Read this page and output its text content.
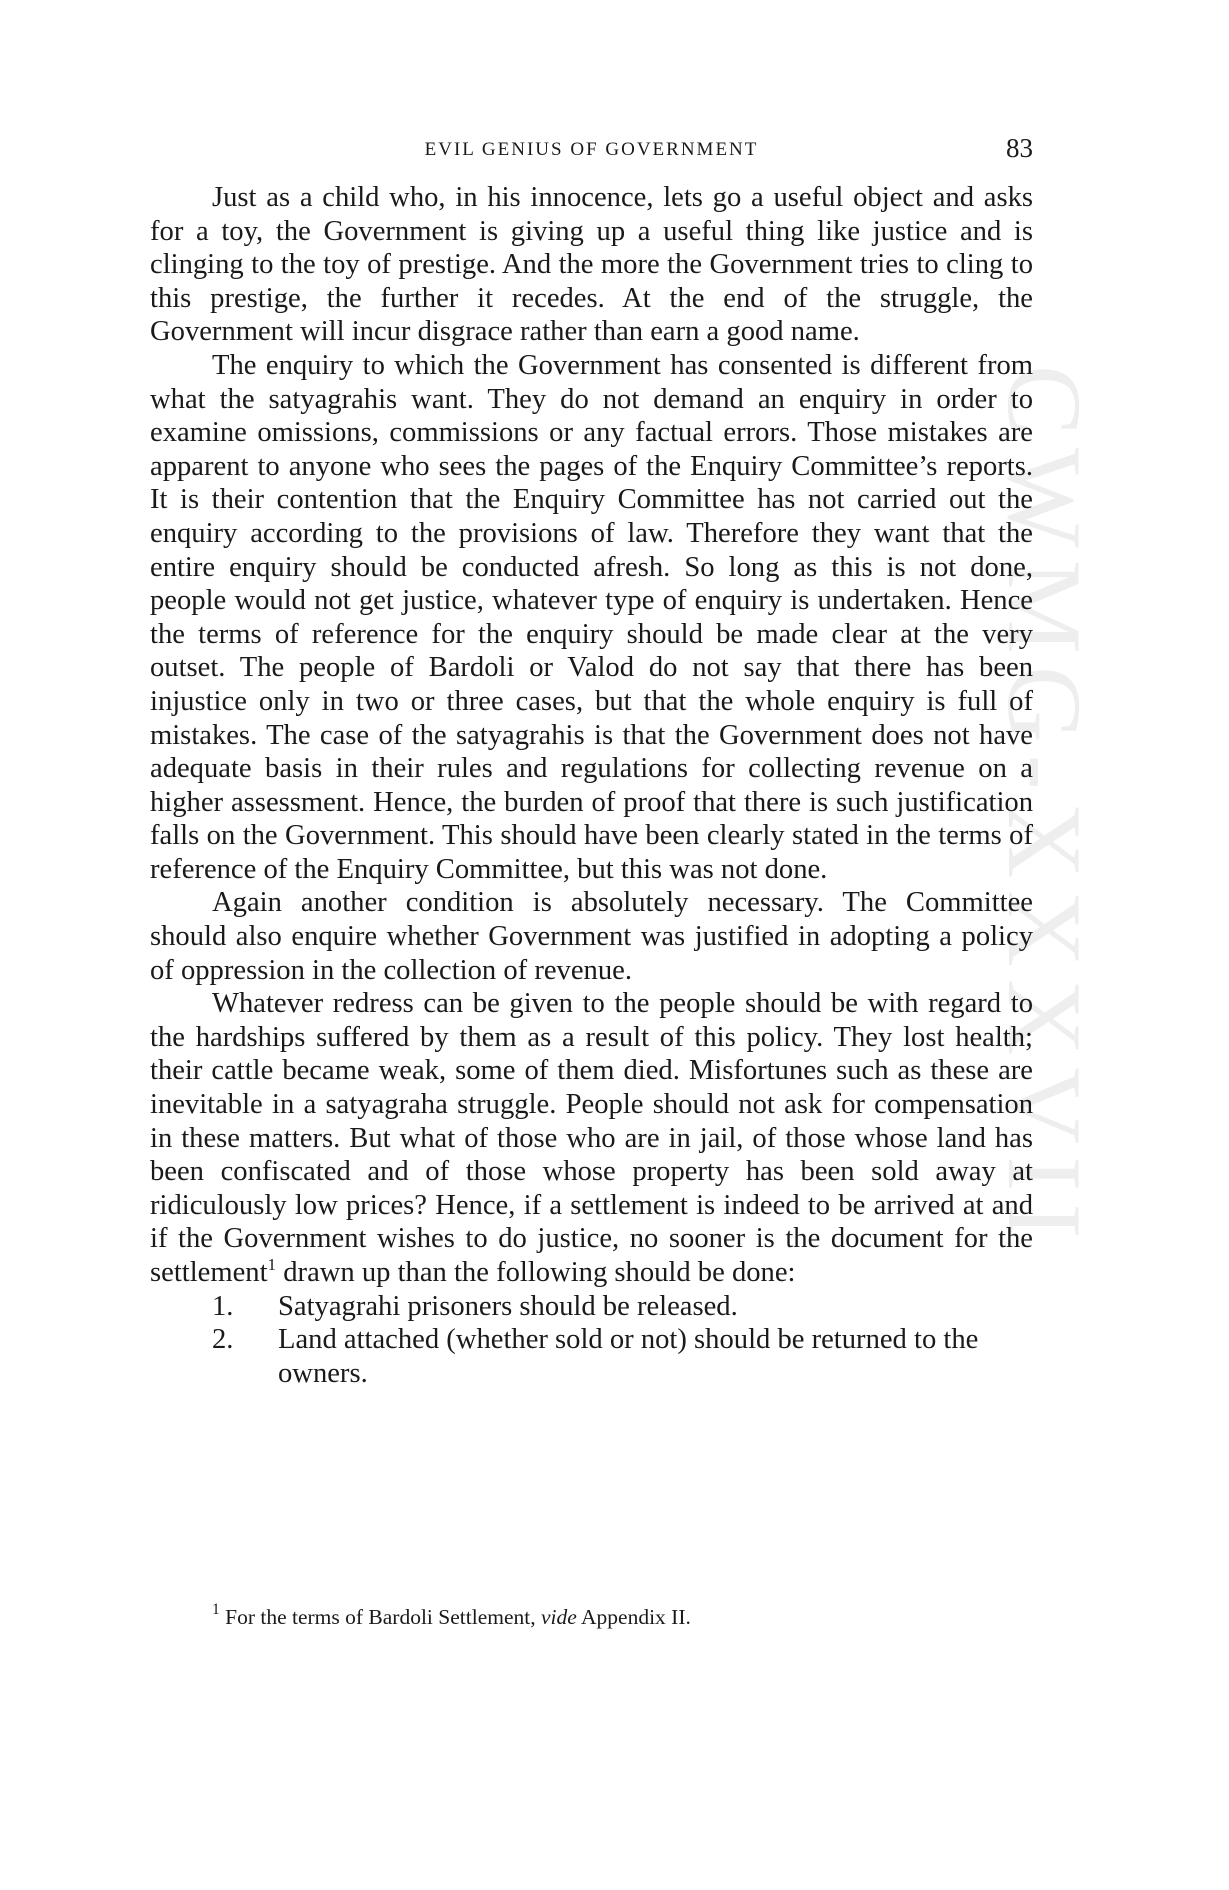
CWMG-XXXVII
EVIL GENIUS OF GOVERNMENT	83

Just as a child who, in his innocence, lets go a useful object and asks for a toy, the Government is giving up a useful thing like justice and is clinging to the toy of prestige. And the more the Government tries to cling to this prestige, the further it recedes. At the end of the struggle, the Government will incur disgrace rather than earn a good name.

The enquiry to which the Government has consented is different from what the satyagrahis want. They do not demand an enquiry in order to examine omissions, commissions or any factual errors. Those mistakes are apparent to anyone who sees the pages of the Enquiry Committee’s reports. It is their contention that the Enquiry Committee has not carried out the enquiry according to the provisions of law. Therefore they want that the entire enquiry should be conducted afresh. So long as this is not done, people would not get justice, whatever type of enquiry is undertaken. Hence the terms of reference for the enquiry should be made clear at the very outset. The people of Bardoli or Valod do not say that there has been injustice only in two or three cases, but that the whole enquiry is full of mistakes. The case of the satyagrahis is that the Government does not have adequate basis in their rules and regulations for collecting revenue on a higher assessment. Hence, the burden of proof that there is such justification falls on the Government. This should have been clearly stated in the terms of reference of the Enquiry Committee, but this was not done.

Again another condition is absolutely necessary. The Committee should also enquire whether Government was justified in adopting a policy of oppression in the collection of revenue.

Whatever redress can be given to the people should be with regard to the hardships suffered by them as a result of this policy. They lost health; their cattle became weak, some of them died. Misfortunes such as these are inevitable in a satyagraha struggle. People should not ask for compensation in these matters. But what of those who are in jail, of those whose land has been confiscated and of those whose property has been sold away at ridiculously low prices? Hence, if a settlement is indeed to be arrived at and if the Government wishes to do justice, no sooner is the document for the settlement$^1$ drawn up than the following should be done:

1. Satyagrahi prisoners should be released.
2. Land attached (whether sold or not) should be returned to the owners.
$^1$ For the terms of Bardoli Settlement, vide Appendix II.
